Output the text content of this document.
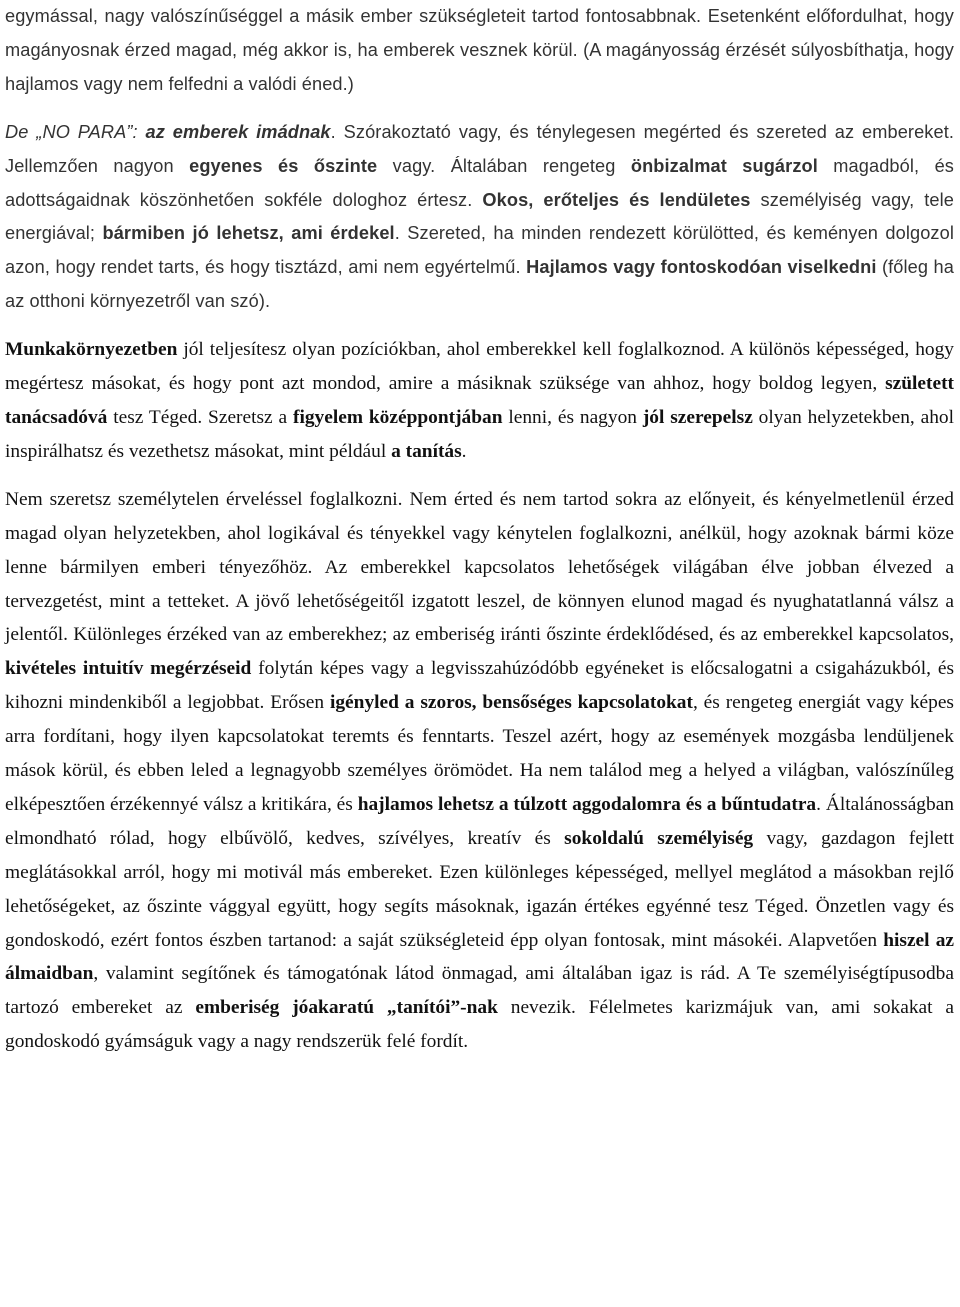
egymással, nagy valószínűséggel a másik ember szükségleteit tartod fontosabbnak. Esetenként előfordulhat, hogy magányosnak érzed magad, még akkor is, ha emberek vesznek körül. (A magányosság érzését súlyosbíthatja, hogy hajlamos vagy nem felfedni a valódi éned.)

De „NO PARA”: az emberek imádnak. Szórakoztató vagy, és ténylegesen megérted és szereted az embereket. Jellemzően nagyon egyenes és őszinte vagy. Általában rengeteg önbizalmat sugárzol magadból, és adottságaidnak köszönhetően sokféle dologhoz értesz. Okos, erőteljes és lendületes személyiség vagy, tele energiával; bármiben jó lehetsz, ami érdekel. Szereted, ha minden rendezett körülötted, és keményen dolgozol azon, hogy rendet tarts, és hogy tisztázd, ami nem egyértelmű. Hajlamos vagy fontoskodóan viselkedni (főleg ha az otthoni környezetről van szó).

Munkakörnyezetben jól teljesítesz olyan pozíciókban, ahol emberekkel kell foglalkoznod. A különös képességed, hogy megértesz másokat, és hogy pont azt mondod, amire a másiknak szüksége van ahhoz, hogy boldog legyen, született tanácsadóvá tesz Téged. Szeretsz a figyelem középpontjában lenni, és nagyon jól szerepelsz olyan helyzetekben, ahol inspirálhatsz és vezethetsz másokat, mint például a tanítás.

Nem szeretsz személytelen érveléssel foglalkozni. Nem érted és nem tartod sokra az előnyeit, és kényelmetlenül érzed magad olyan helyzetekben, ahol logikával és tényekkel vagy kénytelen foglalkozni, anélkül, hogy azoknak bármi köze lenne bármilyen emberi tényezőhöz. Az emberekkel kapcsolatos lehetőségek világában élve jobban élvezed a tervezgetést, mint a tetteket. A jövő lehetőségeitől izgatott leszel, de könnyen elunod magad és nyughatatlanná válsz a jelentől. Különleges érzéked van az emberekhez; az emberiség iránti őszinte érdeklődésed, és az emberekkel kapcsolatos, kivételes intuitív megérzéseid folytán képes vagy a legvisszahúzódóbb egyéneket is előcsalogatni a csigaházukból, és kihozni mindenkiből a legjobbat. Erősen igényled a szoros, bensőséges kapcsolatokat, és rengeteg energiát vagy képes arra fordítani, hogy ilyen kapcsolatokat teremts és fenntarts. Teszel azért, hogy az események mozgásba lendüljenek mások körül, és ebben leled a legnagyobb személyes örömödet. Ha nem találod meg a helyed a világban, valószínűleg elképesztően érzékennyé válsz a kritikára, és hajlamos lehetsz a túlzott aggodalomra és a bűntudatra. Általánosságban elmondható rólad, hogy elbűvölő, kedves, szívélyes, kreatív és sokoldalú személyiség vagy, gazdagon fejlett meglátásokkal arról, hogy mi motivál más embereket. Ezen különleges képességed, mellyel meglátod a másokban rejlő lehetőségeket, az őszinte vággyal együtt, hogy segíts másoknak, igazán értékes egyénné tesz Téged. Önzetlen vagy és gondoskodó, ezért fontos észben tartanod: a saját szükségleteid épp olyan fontosak, mint másokéi. Alapvetően hiszel az álmaidban, valamint segítőnek és támogatónak látod önmagad, ami általában igaz is rád. A Te személyiségtípusodba tartozó embereket az emberiség jóakaratú „tanítói”-nak nevezik. Félelmetes karizmájuk van, ami sokakat a gondoskodó gyámságuk vagy a nagy rendszerük felé fordít.
